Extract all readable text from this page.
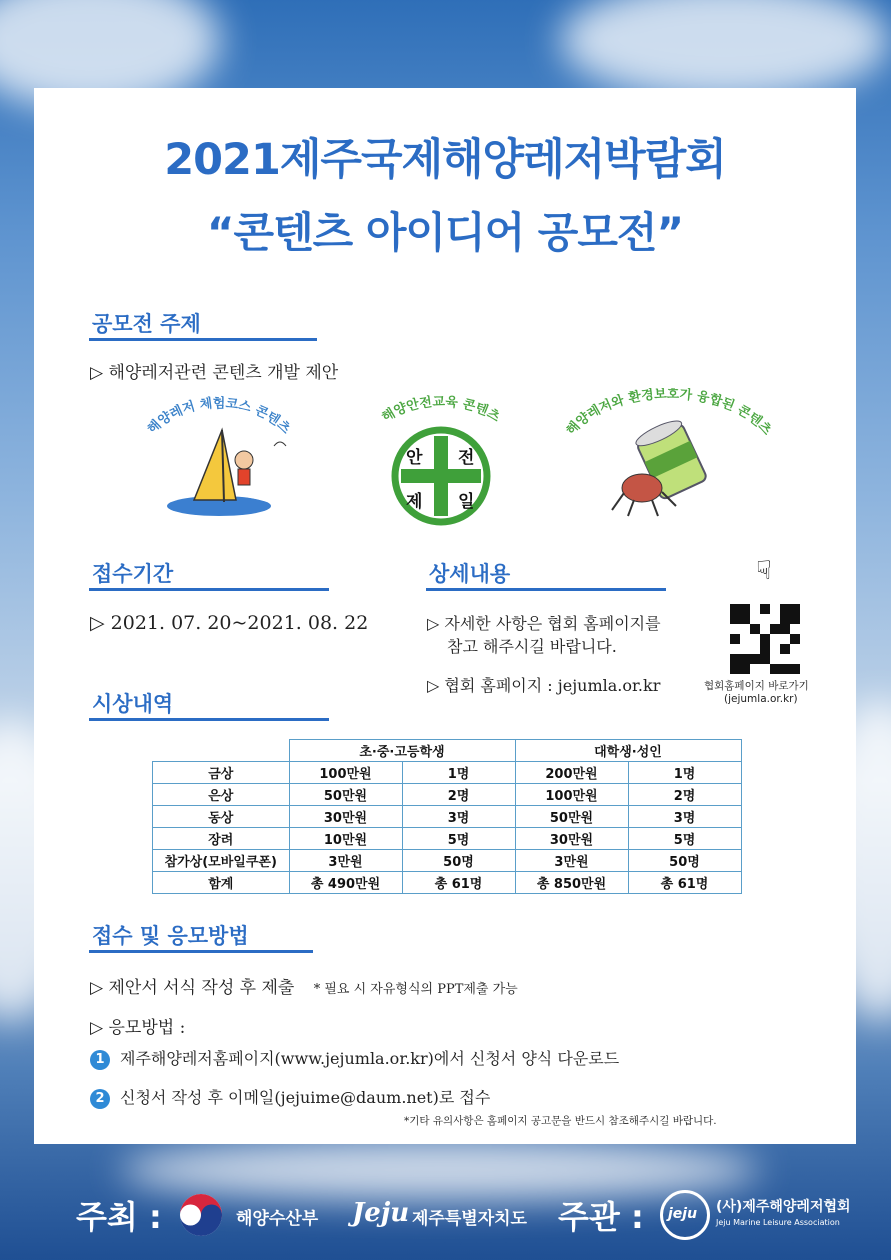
2021제주국제해양레저박람회
“콘텐츠 아이디어 공모전”
공모전 주제
▷ 해양레저관련 콘텐츠 개발 제안
해양레저 체험코스 콘텐츠
해양안전교육 콘텐츠
안 전
제 일
해양레저와 환경보호가 융합된 콘텐츠
접수기간
▷ 2021. 07. 20~2021. 08. 22
상세내용
▷ 자세한 사항은 협회 홈페이지를
참고 해주시길 바랍니다.
▷ 협회 홈페이지 : jejumla.or.kr
☟
협회홈페이지 바로가기
(jejumla.or.kr)
시상내역
	초·중·고등학생		대학생·성인	
금상	100만원	1명	200만원	1명
은상	50만원	2명	100만원	2명
동상	30만원	3명	50만원	3명
장려	10만원	5명	30만원	5명
참가상(모바일쿠폰)	3만원	50명	3만원	50명
함계	총 490만원	총 61명	총 850만원	총 61명
접수 및 응모방법
▷ 제안서 서식 작성 후 제출 * 필요 시 자유형식의 PPT제출 가능
▷ 응모방법 :
1 제주해양레저홈페이지(www.jejumla.or.kr)에서 신청서 양식 다운로드
2 신청서 작성 후 이메일(jejuime@daum.net)로 접수
*기타 유의사항은 홈페이지 공고문을 반드시 참조해주시길 바랍니다.
주최 :	해양수산부 Jeju 제주특별자치도 주관 : jeju (사)제주해양레저협회
Jeju Marine Leisure Association
